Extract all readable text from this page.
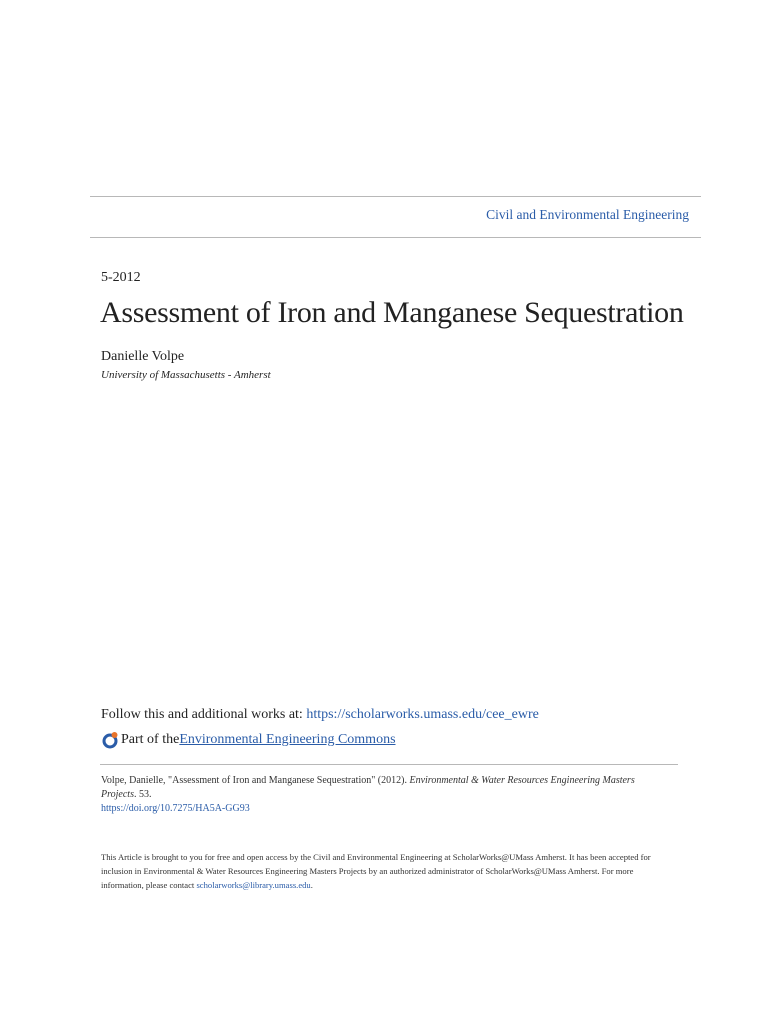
Civil and Environmental Engineering
5-2012
Assessment of Iron and Manganese Sequestration
Danielle Volpe
University of Massachusetts - Amherst
Follow this and additional works at: https://scholarworks.umass.edu/cee_ewre
Part of the Environmental Engineering Commons
Volpe, Danielle, "Assessment of Iron and Manganese Sequestration" (2012). Environmental & Water Resources Engineering Masters Projects. 53.
https://doi.org/10.7275/HA5A-GG93
This Article is brought to you for free and open access by the Civil and Environmental Engineering at ScholarWorks@UMass Amherst. It has been accepted for inclusion in Environmental & Water Resources Engineering Masters Projects by an authorized administrator of ScholarWorks@UMass Amherst. For more information, please contact scholarworks@library.umass.edu.
